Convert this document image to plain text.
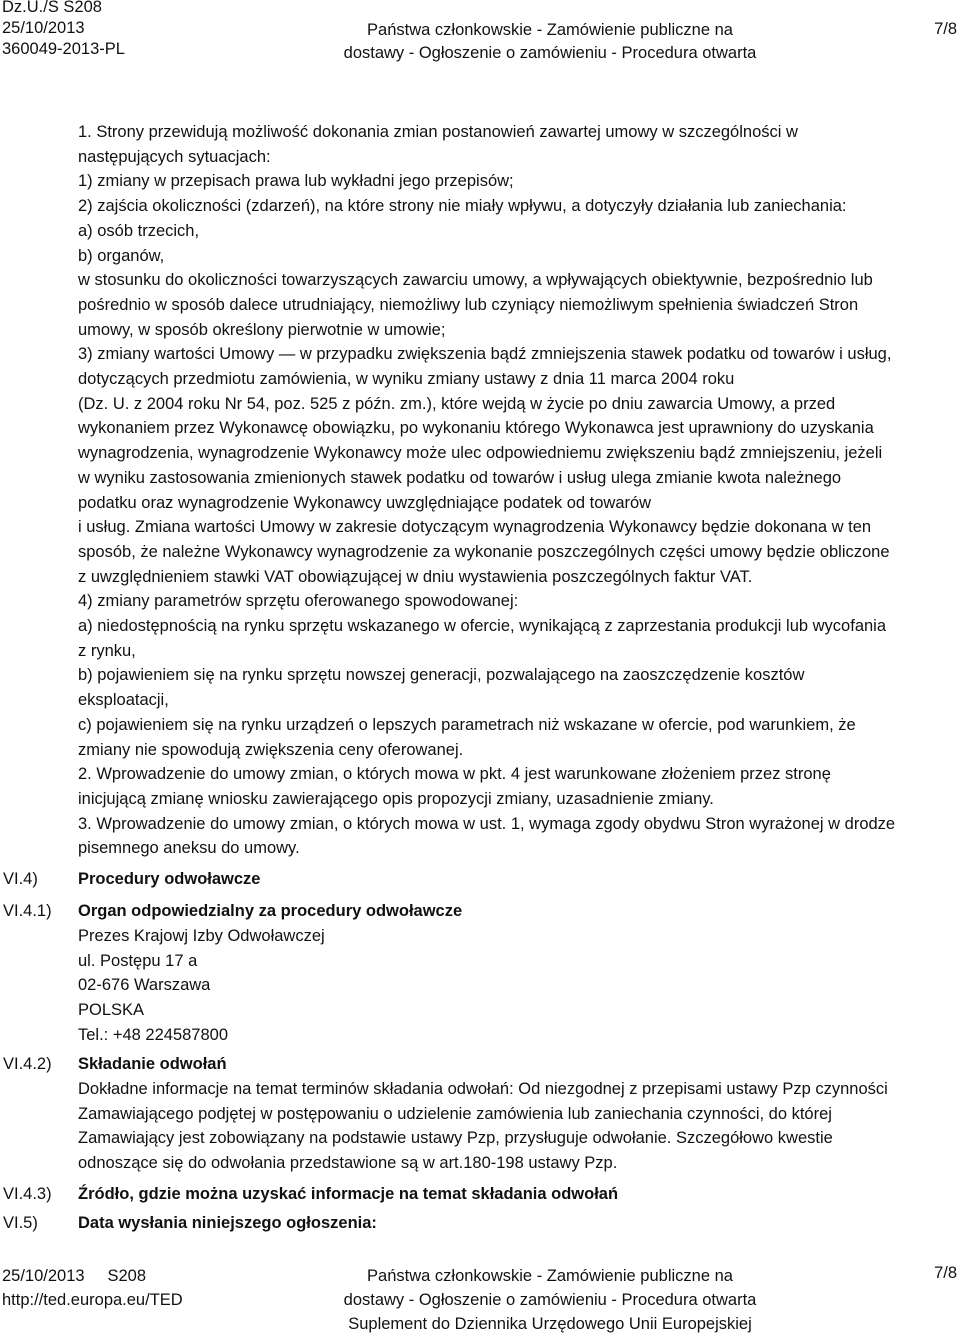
Dz.U./S S208
25/10/2013
360049-2013-PL
Państwa członkowskie - Zamówienie publiczne na
dostawy - Ogłoszenie o zamówieniu - Procedura otwarta
7/8
1. Strony przewidują możliwość dokonania zmian postanowień zawartej umowy w szczególności w
następujących sytuacjach:
1) zmiany w przepisach prawa lub wykładni jego przepisów;
2) zajścia okoliczności (zdarzeń), na które strony nie miały wpływu, a dotyczyły działania lub zaniechania:
a) osób trzecich,
b) organów,
w stosunku do okoliczności towarzyszących zawarciu umowy, a wpływających obiektywnie, bezpośrednio lub
pośrednio w sposób dalece utrudniający, niemożliwy lub czyniący niemożliwym spełnienia świadczeń Stron
umowy, w sposób określony pierwotnie w umowie;
3) zmiany wartości Umowy — w przypadku zwiększenia bądź zmniejszenia stawek podatku od towarów i usług,
dotyczących przedmiotu zamówienia, w wyniku zmiany ustawy z dnia 11 marca 2004 roku
(Dz. U. z 2004 roku Nr 54, poz. 525 z późn. zm.), które wejdą w życie po dniu zawarcia Umowy, a przed
wykonaniem przez Wykonawcę obowiązku, po wykonaniu którego Wykonawca jest uprawniony do uzyskania
wynagrodzenia, wynagrodzenie Wykonawcy może ulec odpowiedniemu zwiększeniu bądź zmniejszeniu, jeżeli
w wyniku zastosowania zmienionych stawek podatku od towarów i usług ulega zmianie kwota należnego
podatku oraz wynagrodzenie Wykonawcy uwzględniające podatek od towarów
i usług. Zmiana wartości Umowy w zakresie dotyczącym wynagrodzenia Wykonawcy będzie dokonana w ten
sposób, że należne Wykonawcy wynagrodzenie za wykonanie poszczególnych części umowy będzie obliczone
z uwzględnieniem stawki VAT obowiązującej w dniu wystawienia poszczególnych faktur VAT.
4) zmiany parametrów sprzętu oferowanego spowodowanej:
a) niedostępnością na rynku sprzętu wskazanego w ofercie, wynikającą z zaprzestania produkcji lub wycofania
z rynku,
b) pojawieniem się na rynku sprzętu nowszej generacji, pozwalającego na zaoszczędzenie kosztów
eksploatacji,
c) pojawieniem się na rynku urządzeń o lepszych parametrach niż wskazane w ofercie, pod warunkiem, że
zmiany nie spowodują zwiększenia ceny oferowanej.
2. Wprowadzenie do umowy zmian, o których mowa w pkt. 4 jest warunkowane złożeniem przez stronę
inicjującą zmianę wniosku zawierającego opis propozycji zmiany, uzasadnienie zmiany.
3. Wprowadzenie do umowy zmian, o których mowa w ust. 1, wymaga zgody obydwu Stron wyrażonej w drodze
pisemnego aneksu do umowy.
VI.4) Procedury odwoławcze
VI.4.1) Organ odpowiedzialny za procedury odwoławcze
Prezes Krajowj Izby Odwoławczej
ul. Postępu 17 a
02-676 Warszawa
POLSKA
Tel.: +48 224587800
VI.4.2) Składanie odwołań
Dokładne informacje na temat terminów składania odwołań: Od niezgodnej z przepisami ustawy Pzp czynności
Zamawiającego podjętej w postępowaniu o udzielenie zamówienia lub zaniechania czynności, do której
Zamawiający jest zobowiązany na podstawie ustawy Pzp, przysługuje odwołanie. Szczegółowo kwestie
odnoszące się do odwołania przedstawione są w art.180-198 ustawy Pzp.
VI.4.3) Źródło, gdzie można uzyskać informacje na temat składania odwołań
VI.5) Data wysłania niniejszego ogłoszenia:
25/10/2013     S208
http://ted.europa.eu/TED
Państwa członkowskie - Zamówienie publiczne na
dostawy - Ogłoszenie o zamówieniu - Procedura otwarta
Suplement do Dziennika Urzędowego Unii Europejskiej
7/8
